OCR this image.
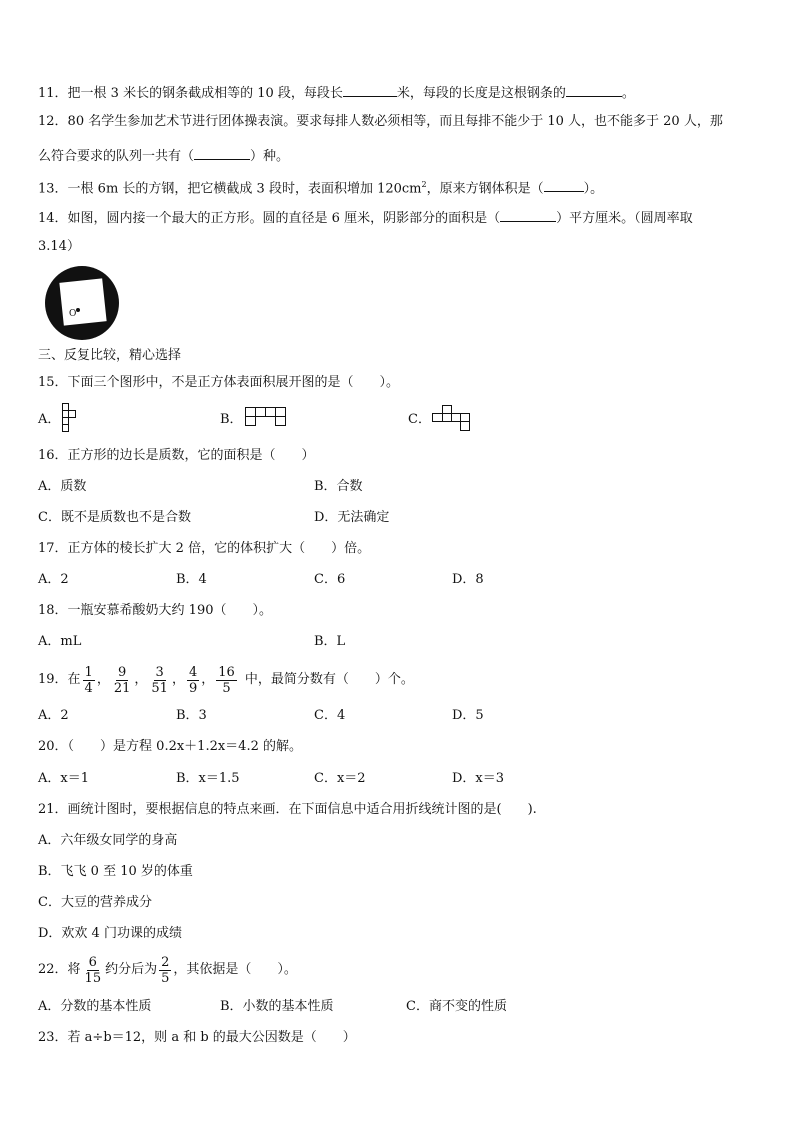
11．把一根 3 米长的钢条截成相等的 10 段，每段长	米，每段的长度是这根钢条的	。
12．80 名学生参加艺术节进行团体操表演。要求每排人数必须相等，而且每排不能少于 10 人，也不能多于 20 人，那
么符合要求的队列一共有（	）种。
13．一根 6m 长的方钢，把它横截成 3 段时，表面积增加 $120cm^2$，原来方钢体积是（	）。
14．如图，圆内接一个最大的正方形。圆的直径是 6 厘米，阴影部分的面积是（	）平方厘米。（圆周率取
3.14）
O
三、反复比较，精心选择
15．下面三个图形中，不是正方体表面积展开图的是（　　）。
A．	B．	C．
16．正方形的边长是质数，它的面积是（　　）
A．质数	B．合数
C．既不是质数也不是合数	D．无法确定
17．正方体的棱长扩大 2 倍，它的体积扩大（　　）倍。
A．2	B．4	C．6	D．8
18．一瓶安慕希酸奶大约 190（　　）。
A．mL	B．L
19．在 $\frac{1}{4}$ ， $\frac{9}{21}$ ， $\frac{3}{51}$ ， $\frac{4}{9}$ ， $\frac{16}{5}$ 中，最简分数有（　　）个。
A．2	B．3	C．4	D．5
20．（　　）是方程 0.2x＋1.2x＝4.2 的解。
A．x＝1	B．x＝1.5	C．x＝2	D．x＝3
21．画统计图时，要根据信息的特点来画．在下面信息中适合用折线统计图的是(　　).
A．六年级女同学的身高
B．飞飞 0 至 10 岁的体重
C．大豆的营养成分
D．欢欢 4 门功课的成绩
22．将 $\frac{6}{15}$ 约分后为 $\frac{2}{5}$ ，其依据是（　　）。
A．分数的基本性质	B．小数的基本性质	C．商不变的性质
23．若 a÷b＝12，则 a 和 b 的最大公因数是（　　）
